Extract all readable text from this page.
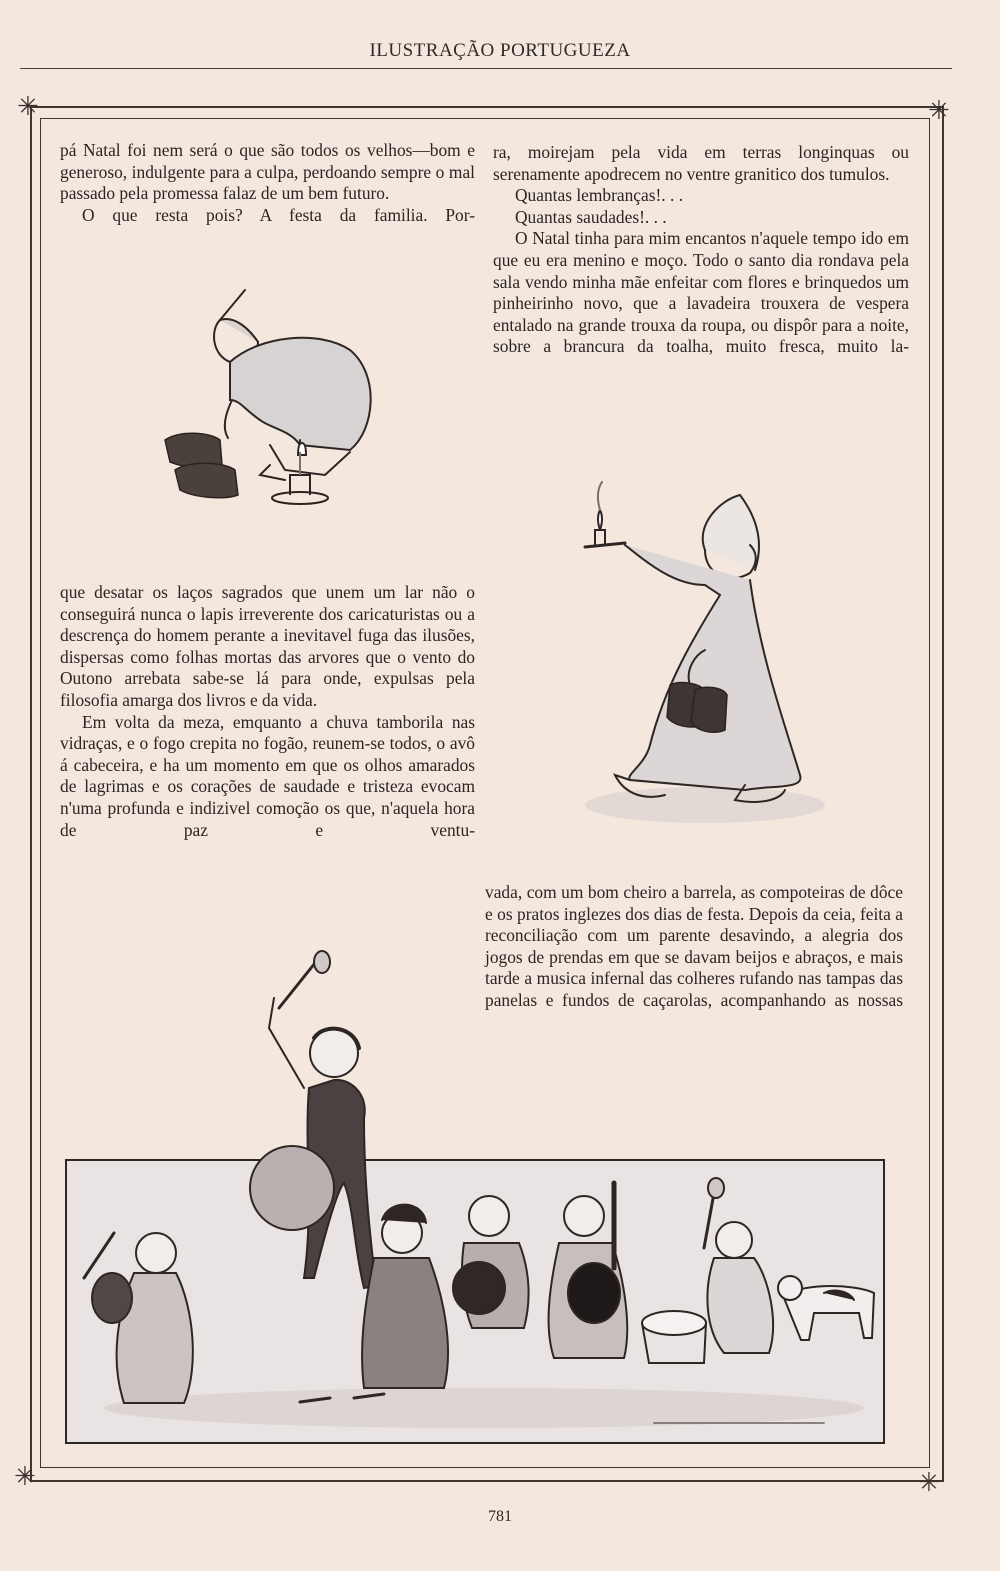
ILUSTRAÇÃO PORTUGUEZA
✳	✳
✳	✳

pá Natal foi nem será o que são todos os velhos—bom e generoso, indulgente para a culpa, perdoando sempre o mal passado pela promessa falaz de um bem futuro.

O que resta pois? A festa da familia. Por-

ra, moirejam pela vida em terras longinquas ou serenamente apodrecem no ventre granitico dos tumulos.

Quantas lembranças!. . .

Quantas saudades!. . .

O Natal tinha para mim encantos n'aquele tempo ido em que eu era menino e moço. Todo o santo dia rondava pela sala vendo minha mãe enfeitar com flores e brinquedos um pinheirinho novo, que a lavadeira trouxera de vespera entalado na grande trouxa da roupa, ou dispôr para a noite, sobre a brancura da toalha, muito fresca, muito la-

que desatar os laços sagrados que unem um lar não o conseguirá nunca o lapis irreverente dos caricaturistas ou a descrença do homem perante a inevitavel fuga das ilusões, dispersas como folhas mortas das arvores que o vento do Outono arrebata sabe-se lá para onde, expulsas pela filosofia amarga dos livros e da vida.

Em volta da meza, emquanto a chuva tamborila nas vidraças, e o fogo crepita no fogão, reunem-se todos, o avô á cabeceira, e ha um momento em que os olhos amarados de lagrimas e os corações de saudade e tristeza evocam n'uma profunda e indizivel comoção os que, n'aquela hora de paz e ventu-

vada, com um bom cheiro a barrela, as compoteiras de dôce e os pratos inglezes dos dias de festa. Depois da ceia, feita a reconciliação com um parente desavindo, a alegria dos jogos de prendas em que se davam beijos e abraços, e mais tarde a musica infernal das colheres rufando nas tampas das panelas e fundos de caçarolas, acompanhando as nossas

781
